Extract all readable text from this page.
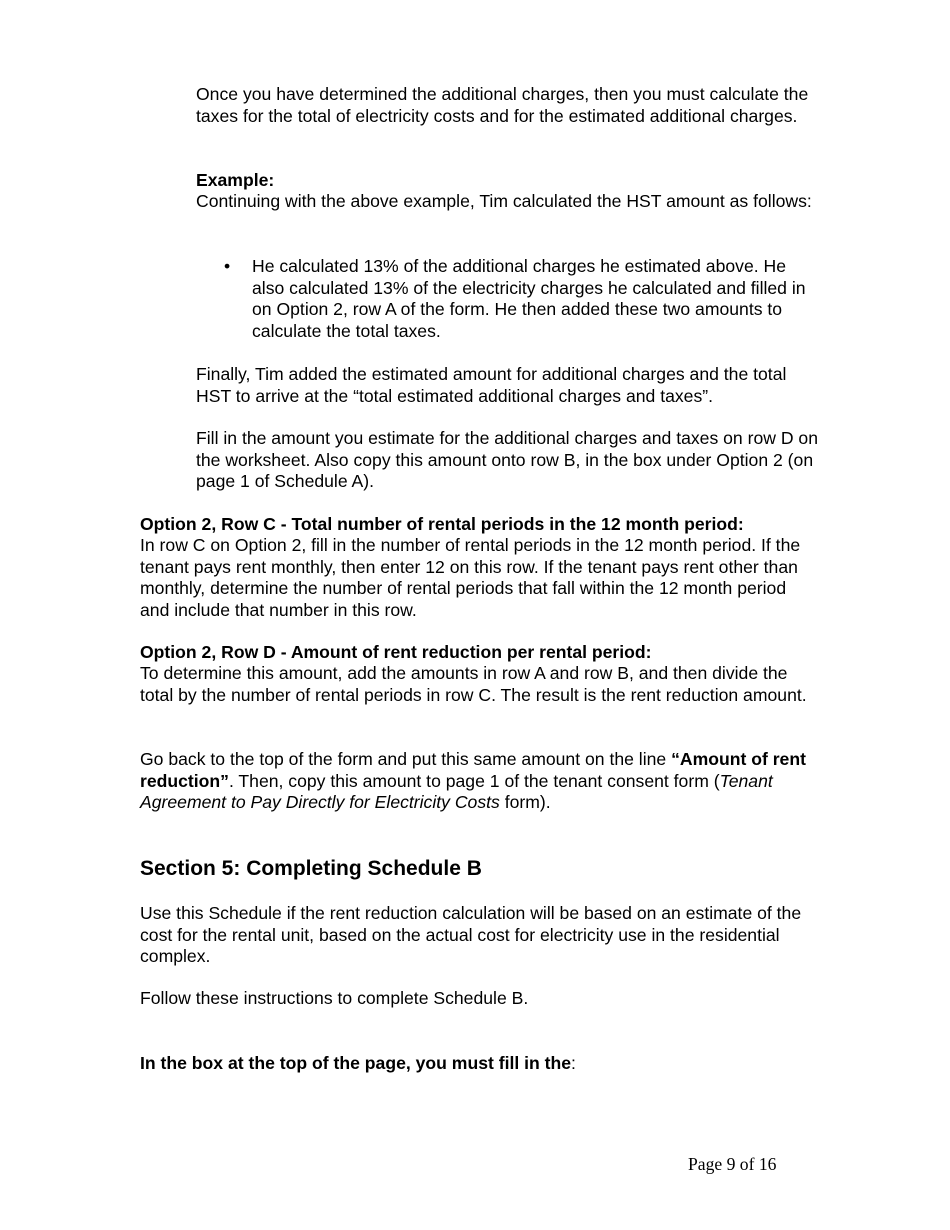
Once you have determined the additional charges, then you must calculate the taxes for the total of electricity costs and for the estimated additional charges.

Example:

Continuing with the above example, Tim calculated the HST amount as follows:

• He calculated 13% of the additional charges he estimated above. He also calculated 13% of the electricity charges he calculated and filled in on Option 2, row A of the form. He then added these two amounts to calculate the total taxes.

Finally, Tim added the estimated amount for additional charges and the total HST to arrive at the “total estimated additional charges and taxes”.

Fill in the amount you estimate for the additional charges and taxes on row D on the worksheet. Also copy this amount onto row B, in the box under Option 2 (on page 1 of Schedule A).

Option 2, Row C - Total number of rental periods in the 12 month period:

In row C on Option 2, fill in the number of rental periods in the 12 month period. If the tenant pays rent monthly, then enter 12 on this row. If the tenant pays rent other than monthly, determine the number of rental periods that fall within the 12 month period and include that number in this row.

Option 2, Row D - Amount of rent reduction per rental period:

To determine this amount, add the amounts in row A and row B, and then divide the total by the number of rental periods in row C. The result is the rent reduction amount.

Go back to the top of the form and put this same amount on the line “Amount of rent reduction”. Then, copy this amount to page 1 of the tenant consent form (Tenant Agreement to Pay Directly for Electricity Costs form).

Section 5: Completing Schedule B

Use this Schedule if the rent reduction calculation will be based on an estimate of the cost for the rental unit, based on the actual cost for electricity use in the residential complex.

Follow these instructions to complete Schedule B.

In the box at the top of the page, you must fill in the:

Page 9 of 16
